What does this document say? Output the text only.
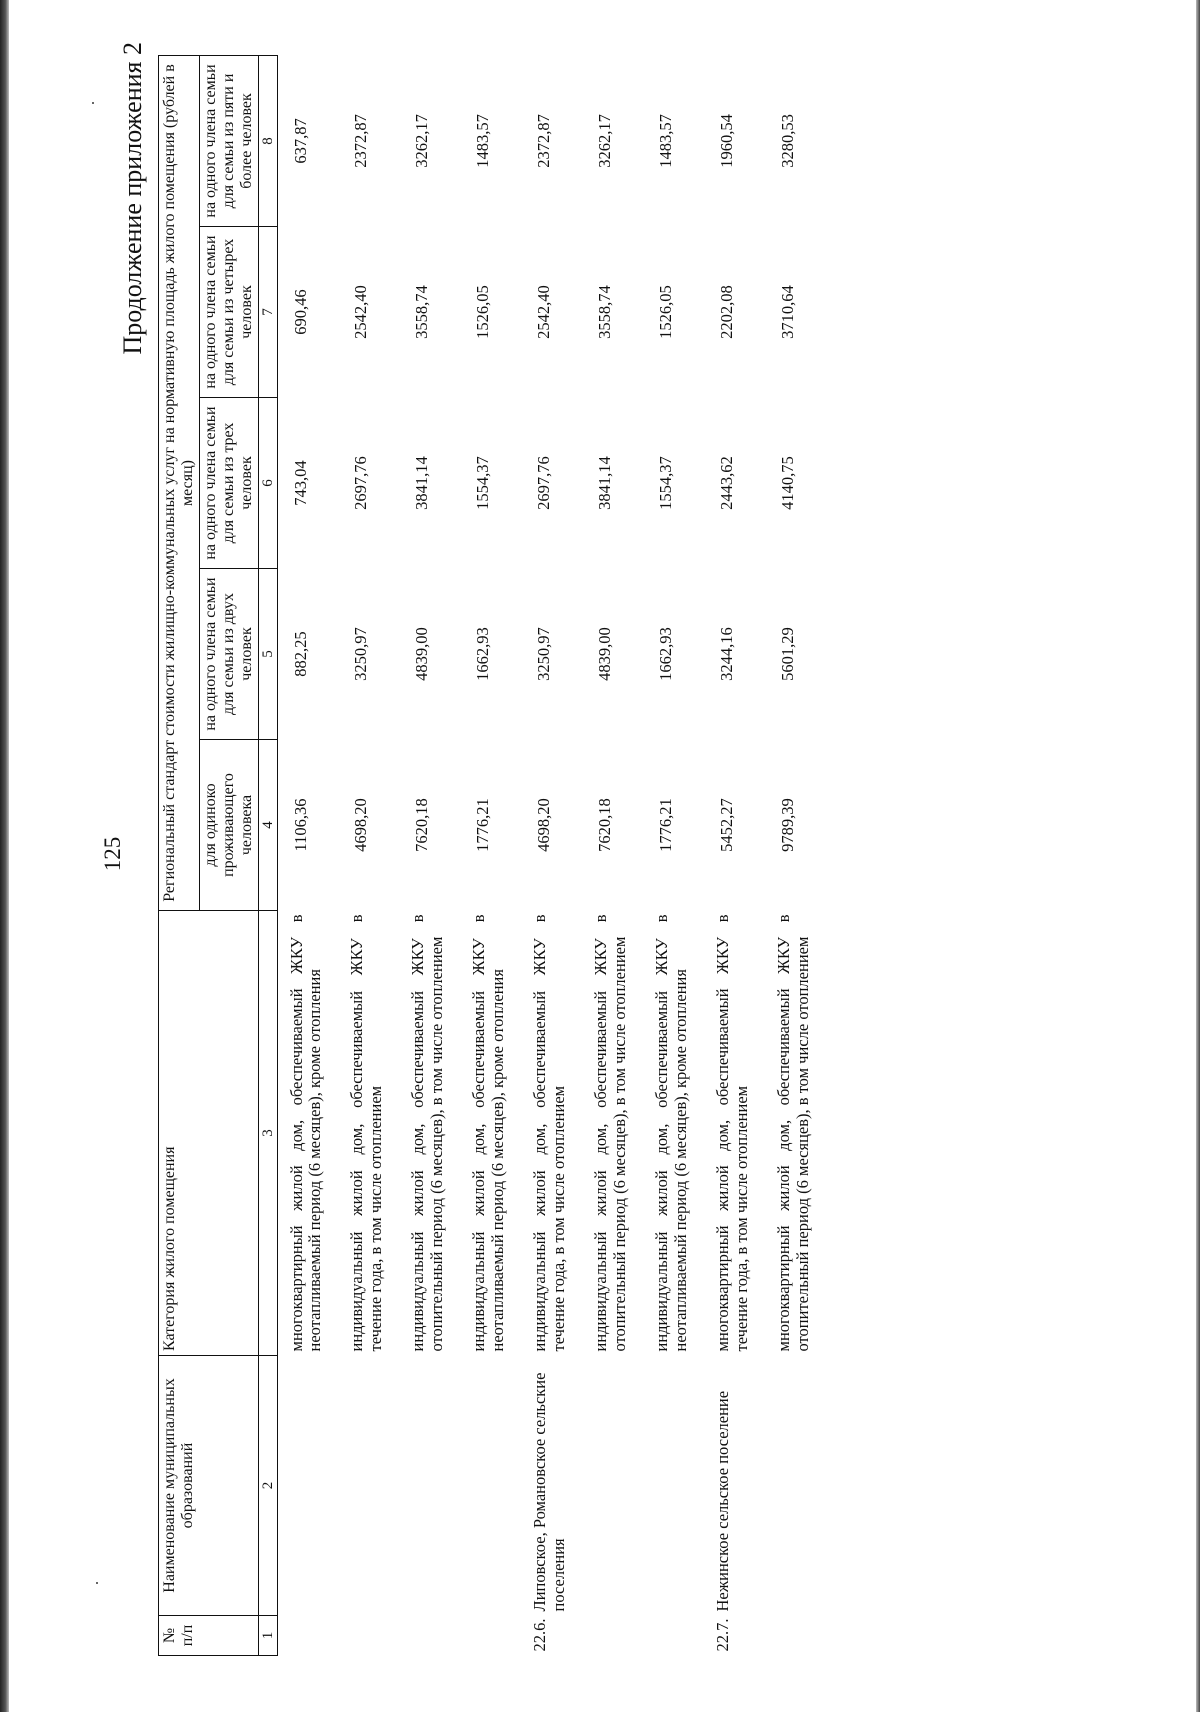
125
Продолжение приложения 2
№ п/п	Наименование муниципальных образований	Категория жилого помещения	Региональный стандарт стоимости жилищно-коммунальных услуг на нормативную площадь жилого помещения (рублей в месяц)				
			для одиноко проживающего человека	на одного члена семьи для семьи из двух человек	на одного члена семьи для семьи из трех человек	на одного члена семьи для семьи из четырех человек	на одного члена семьи для семьи из пяти и более человек
1	2	3	4	5	6	7	8
		многоквартирный жилой дом, обеспечиваемый ЖКУ в неотапливаемый период (6 месяцев), кроме отопления	1106,36	882,25	743,04	690,46	637,87
		индивидуальный жилой дом, обеспечиваемый ЖКУ в течение года, в том числе отоплением	4698,20	3250,97	2697,76	2542,40	2372,87
		индивидуальный жилой дом, обеспечиваемый ЖКУ в отопительный период (6 месяцев), в том числе отоплением	7620,18	4839,00	3841,14	3558,74	3262,17
		индивидуальный жилой дом, обеспечиваемый ЖКУ в неотапливаемый период (6 месяцев), кроме отопления	1776,21	1662,93	1554,37	1526,05	1483,57
22.6.	Липовское, Романовское сельские поселения	индивидуальный жилой дом, обеспечиваемый ЖКУ в течение года, в том числе отоплением	4698,20	3250,97	2697,76	2542,40	2372,87
		индивидуальный жилой дом, обеспечиваемый ЖКУ в отопительный период (6 месяцев), в том числе отоплением	7620,18	4839,00	3841,14	3558,74	3262,17
		индивидуальный жилой дом, обеспечиваемый ЖКУ в неотапливаемый период (6 месяцев), кроме отопления	1776,21	1662,93	1554,37	1526,05	1483,57
22.7.	Нежинское сельское поселение	многоквартирный жилой дом, обеспечиваемый ЖКУ в течение года, в том числе отоплением	5452,27	3244,16	2443,62	2202,08	1960,54
		многоквартирный жилой дом, обеспечиваемый ЖКУ в отопительный период (6 месяцев), в том числе отоплением	9789,39	5601,29	4140,75	3710,64	3280,53
